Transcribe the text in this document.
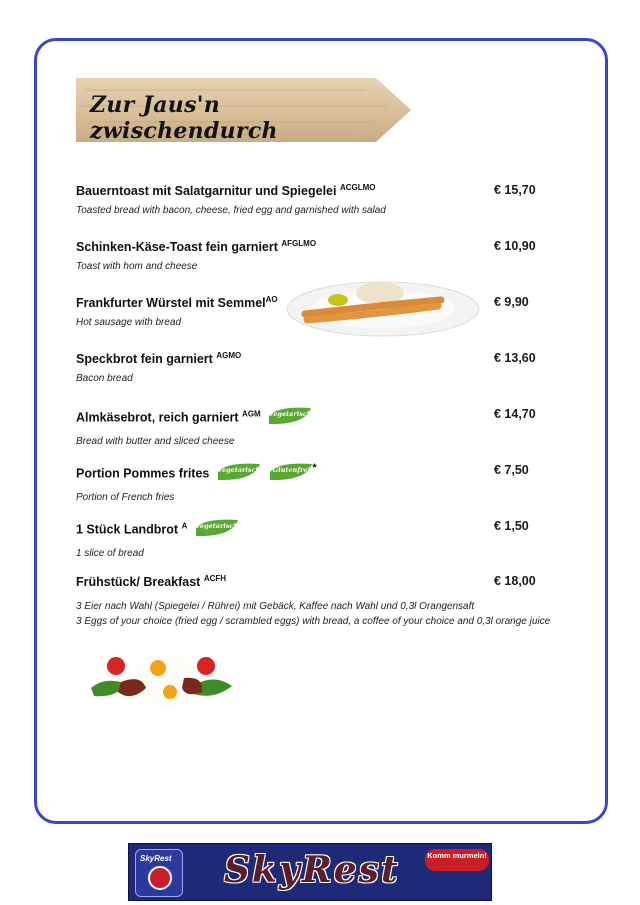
Zur Jaus'n zwischendurch
Bauerntoast mit Salatgarnitur und Spiegelei $^{ACGLMO}$
Toasted bread with bacon, cheese, fried egg and garnished with salad
€ 15,70
Schinken-Käse-Toast fein garniert $^{AFGLMO}$
Toast with hom and cheese
€ 10,90
Frankfurter Würstel mit Semmel$^{AO}$
Hot sausage with bread
€ 9,90
Speckbrot fein garniert $^{AGMO}$
Bacon bread
€ 13,60
Almkäsebrot, reich garniert $^{AGM}$ Vegetarisch
Bread with butter and sliced cheese
€ 14,70
Portion Pommes frites Vegetarisch
	Glutenfrei *
Portion of French fries
€ 7,50
1 Stück Landbrot $^A$ Vegetarisch
1 slice of bread
€ 1,50
Frühstück/ Breakfast $^{ACFH}$
3 Eier nach Wahl (Spiegelei / Rührei) mit Gebäck, Kaffee nach Wahl und 0,3l Orangensaft
3 Eggs of your choice (fried egg / scrambled eggs) with bread, a coffee of your choice and 0,3l orange juice
€ 18,00
SkyRest SkyRest	Komm murmeln!
